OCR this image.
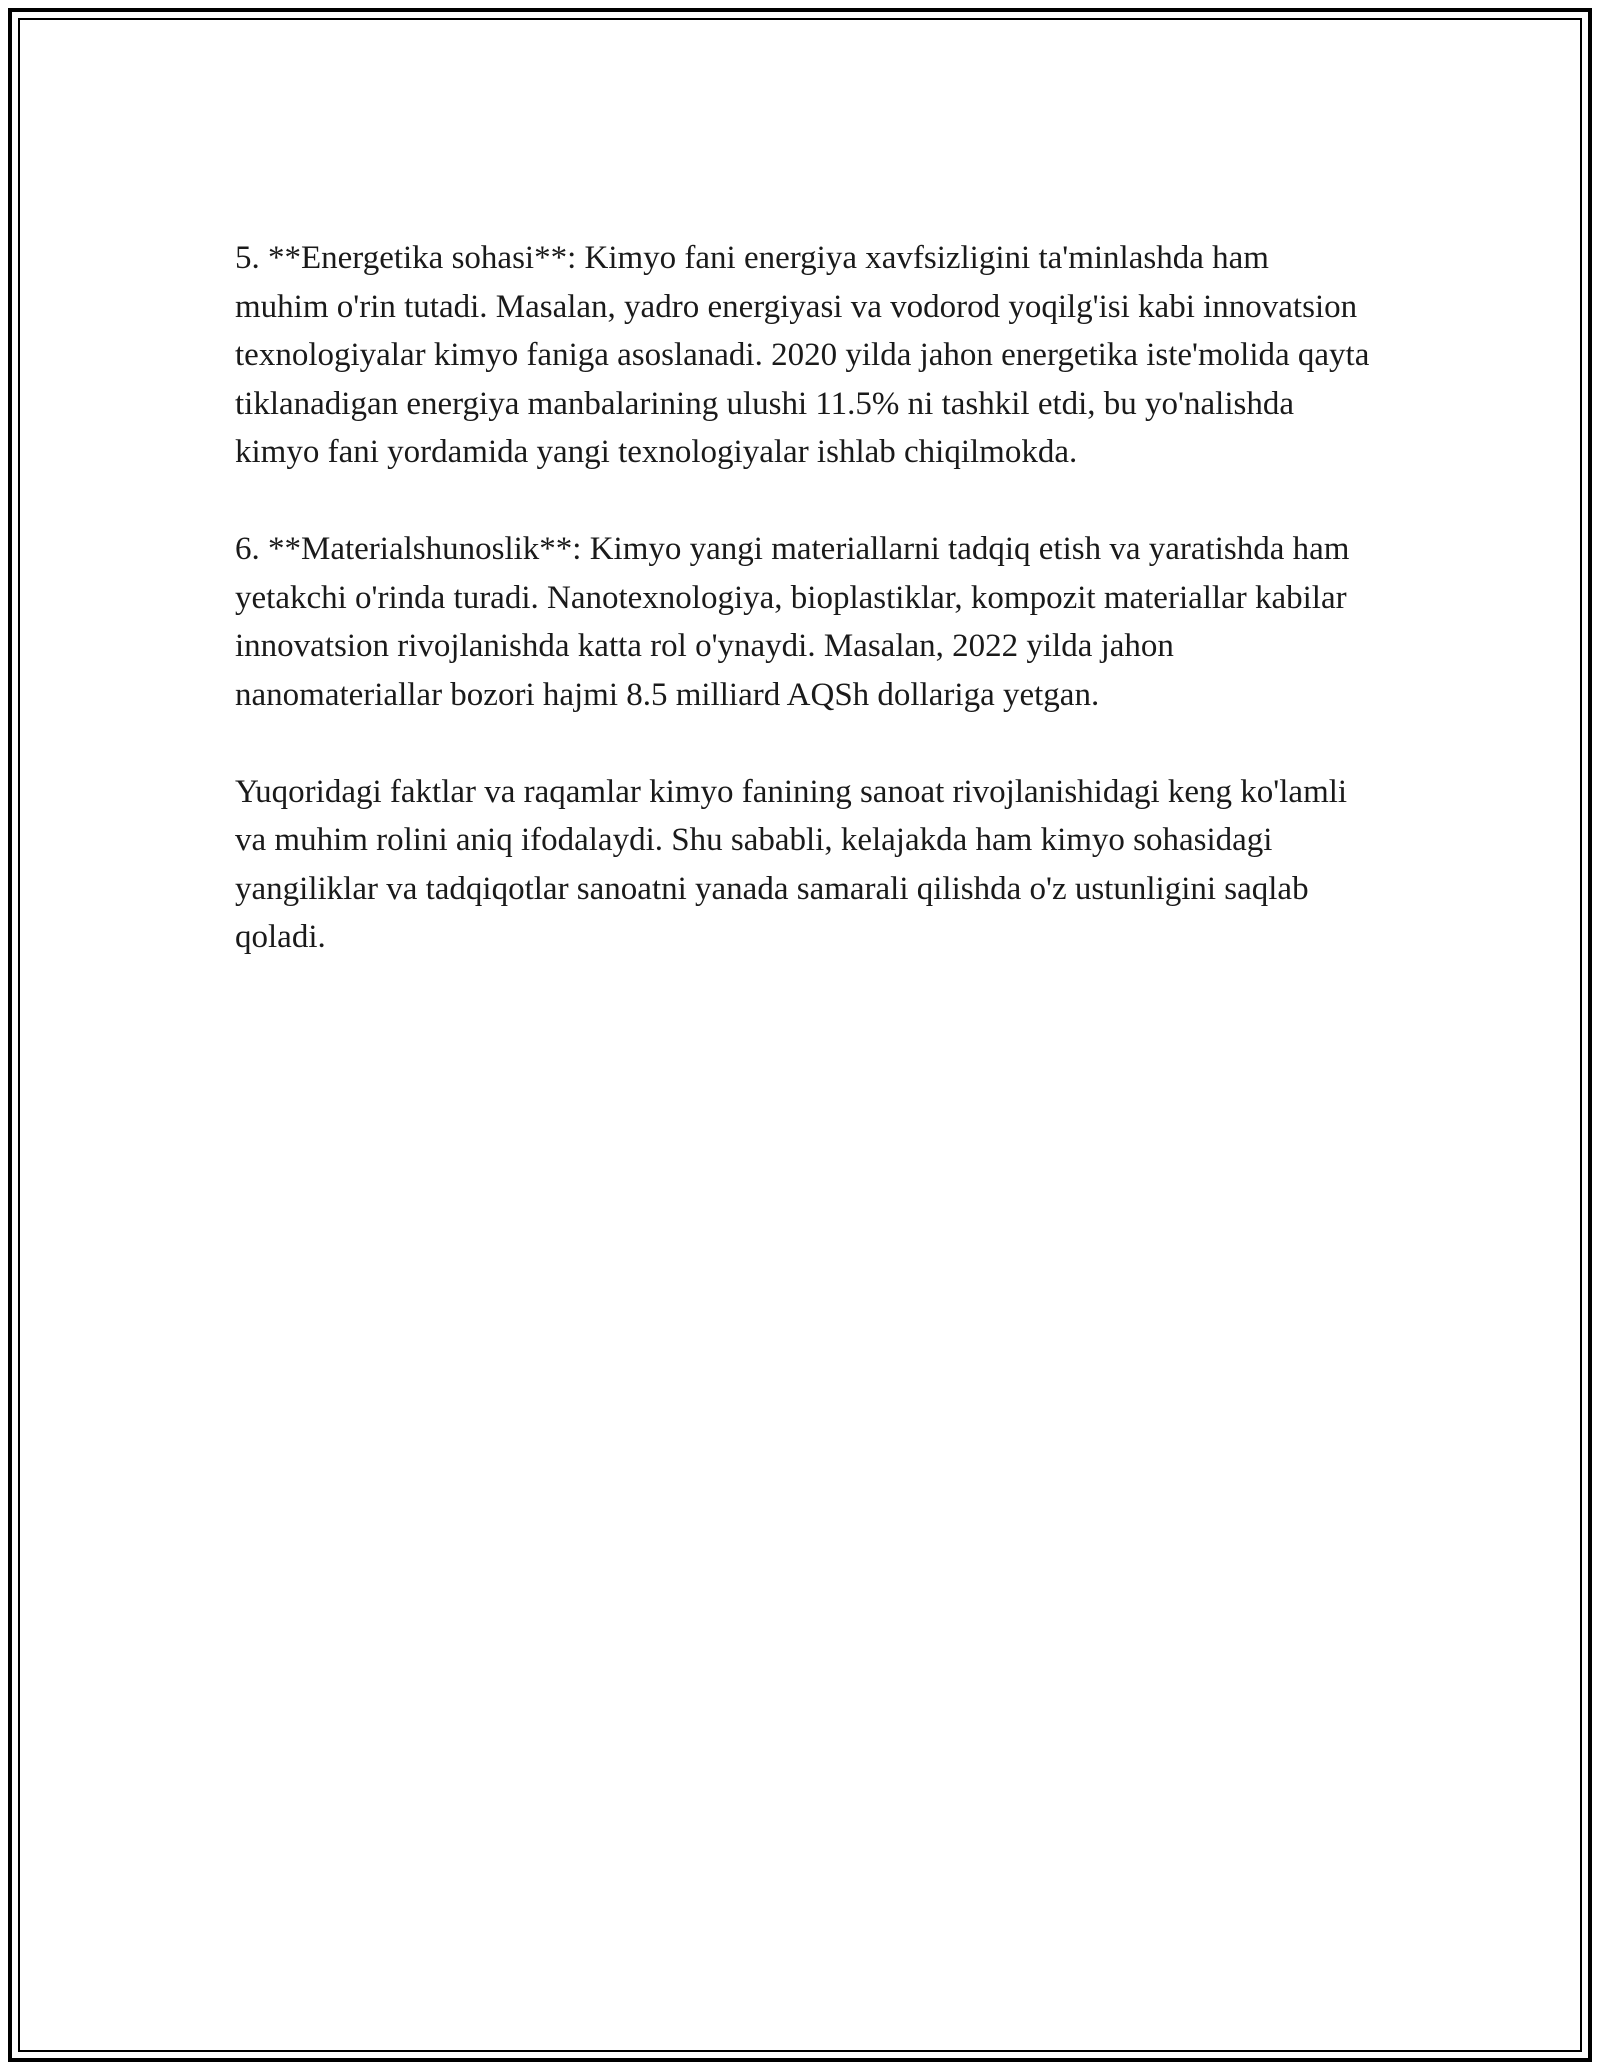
5. **Energetika sohasi**: Kimyo fani energiya xavfsizligini ta'minlashda ham muhim o'rin tutadi. Masalan, yadro energiyasi va vodorod yoqilg'isi kabi innovatsion texnologiyalar kimyo faniga asoslanadi. 2020 yilda jahon energetika iste'molida qayta tiklanadigan energiya manbalarining ulushi 11.5% ni tashkil etdi, bu yo'nalishda kimyo fani yordamida yangi texnologiyalar ishlab chiqilmokda.

6. **Materialshunoslik**: Kimyo yangi materiallarni tadqiq etish va yaratishda ham yetakchi o'rinda turadi. Nanotexnologiya, bioplastiklar, kompozit materiallar kabilar innovatsion rivojlanishda katta rol o'ynaydi. Masalan, 2022 yilda jahon nanomateriallar bozori hajmi 8.5 milliard AQSh dollariga yetgan.

Yuqoridagi faktlar va raqamlar kimyo fanining sanoat rivojlanishidagi keng ko'lamli va muhim rolini aniq ifodalaydi. Shu sababli, kelajakda ham kimyo sohasidagi yangiliklar va tadqiqotlar sanoatni yanada samarali qilishda o'z ustunligini saqlab qoladi.
